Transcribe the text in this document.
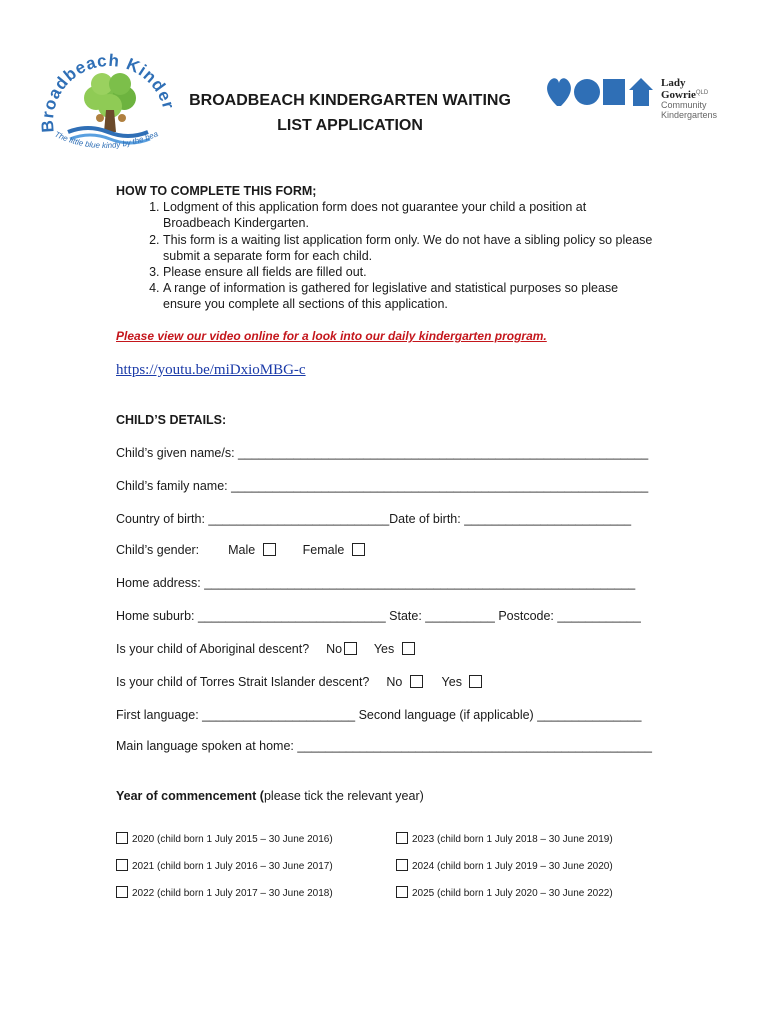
roadbeach Kind
The little blue kindy by the bea
BROADBEACH KINDERGARTEN WAITING
LIST APPLICATION
Lady Gowrie$^{QLD}$
Community
Kindergartens
HOW TO COMPLETE THIS FORM;
1. Lodgment of this application form does not guarantee your child a position at Broadbeach Kindergarten.
2. This form is a waiting list application form only. We do not have a sibling policy so please submit a separate form for each child.
3. Please ensure all fields are filled out.
4. A range of information is gathered for legislative and statistical purposes so please ensure you complete all sections of this application.
Please view our video online for a look into our daily kindergarten program.
https://youtu.be/miDxioMBG-c
CHILD’S DETAILS:
Child’s given name/s: ___________________________________________________________
Child’s family name: ____________________________________________________________
Country of birth: __________________________Date of birth: ________________________
Child’s gender: Male	Female
Home address: ______________________________________________________________
Home suburb: ___________________________ State: __________ Postcode: ____________
Is your child of Aboriginal descent? No	Yes
Is your child of Torres Strait Islander descent? No	Yes
First language: ______________________ Second language (if applicable) _______________
Main language spoken at home: ___________________________________________________
Year of commencement (please tick the relevant year)
2020 (child born 1 July 2015 – 30 June 2016)	2023 (child born 1 July 2018 – 30 June 2019)
2021 (child born 1 July 2016 – 30 June 2017)	2024 (child born 1 July 2019 – 30 June 2020)
2022 (child born 1 July 2017 – 30 June 2018)	2025 (child born 1 July 2020 – 30 June 2022)
